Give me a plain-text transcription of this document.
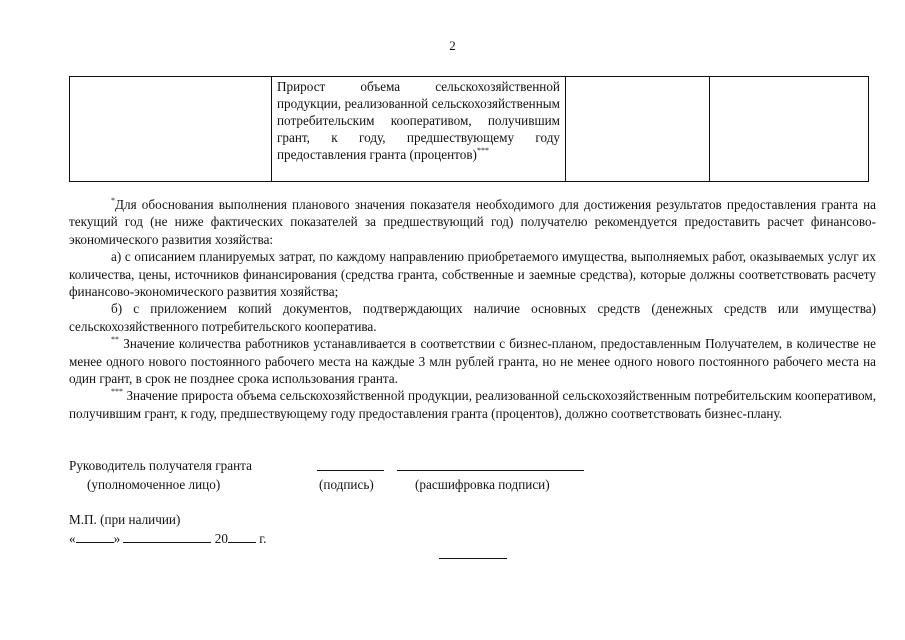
2

Прирост объема сельскохозяйственной продукции, реализованной сельскохозяйственным потребительским кооперативом, получившим грант, к году, предшествующему году предоставления гранта (процентов)***

*Для обоснования выполнения планового значения показателя необходимого для достижения результатов предоставления гранта на текущий год (не ниже фактических показателей за предшествующий год) получателю рекомендуется предоставить расчет финансово-экономического развития хозяйства:

а) с описанием планируемых затрат, по каждому направлению приобретаемого имущества, выполняемых работ, оказываемых услуг их количества, цены, источников финансирования (средства гранта, собственные и заемные средства), которые должны соответствовать расчету финансово-экономического развития хозяйства;

б) с приложением копий документов, подтверждающих наличие основных средств (денежных средств или имущества) сельскохозяйственного потребительского кооператива.

** Значение количества работников устанавливается в соответствии с бизнес-планом, предоставленным Получателем, в количестве не менее одного нового постоянного рабочего места на каждые 3 млн рублей гранта, но не менее одного нового постоянного рабочего места на один грант, в срок не позднее срока использования гранта.

*** Значение прироста объема сельскохозяйственной продукции, реализованной сельскохозяйственным потребительским кооперативом, получившим грант, к году, предшествующему году предоставления гранта (процентов), должно соответствовать бизнес-плану.

Руководитель получателя гранта
(уполномоченное лицо)	(подпись)	(расшифровка подписи)
М.П. (при наличии)
«	»	20 г.
